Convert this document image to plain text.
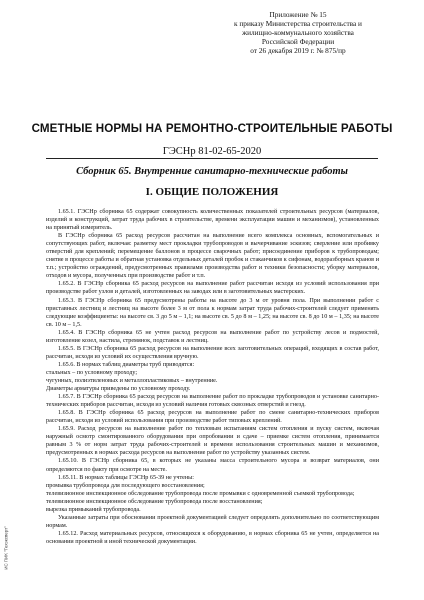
Приложение № 15
к приказу Министерства строительства и
жилищно-коммунального хозяйства
Российской Федерации
от 26 декабря 2019 г. № 875/пр
СМЕТНЫЕ НОРМЫ НА РЕМОНТНО-СТРОИТЕЛЬНЫЕ РАБОТЫ
ГЭСНр 81-02-65-2020
Сборник 65. Внутренние санитарно-технические работы
I. ОБЩИЕ ПОЛОЖЕНИЯ

1.65.1. ГЭСНр сборника 65 содержат совокупность количественных показателей строительных ресурсов (материалов, изделий и конструкций, затрат труда рабочих в строительстве, времени эксплуатации машин и механизмов), установленных на принятый измеритель.

В ГЭСНр сборника 65 расход ресурсов рассчитан на выполнение всего комплекса основных, вспомогательных и сопутствующих работ, включая: разметку мест прокладки трубопроводов и вычерчивание эскизов; сверление или пробивку отверстий для креплений; перемещение баллонов в процессе сварочных работ; присоединение приборов к трубопроводам; снятие в процессе работы и обратная установка отдельных деталей пробок и стаканчиков к сифонам, водоразборных кранов и т.п.; устройство ограждений, предусмотренных правилами производства работ и техники безопасности; уборку материалов, отходов и мусора, полученных при производстве работ и т.п.

1.65.2. В ГЭСНр сборника 65 расход ресурсов на выполнение работ рассчитан исходя из условий использования при производстве работ узлов и деталей, изготовленных на заводах или в заготовительных мастерских.

1.65.3. В ГЭСНр сборника 65 предусмотрены работы на высоте до 3 м от уровня пола. При выполнении работ с приставных лестниц и лестниц на высоте более 3 м от пола к нормам затрат труда рабочих-строителей следует применять следующие коэффициенты: на высоте св. 3 до 5 м – 1,1; на высоте св. 5 до 8 м – 1,25; на высоте св. 8 до 10 м – 1,35; на высоте св. 10 м – 1,5.

1.65.4. В ГЭСНр сборника 65 не учтен расход ресурсов на выполнение работ по устройству лесов и подмостей, изготовление козел, настила, стремянок, подставок и лестниц.

1.65.5. В ГЭСНр сборника 65 расход ресурсов на выполнение всех заготовительных операций, входящих в состав работ, рассчитан, исходя из условий их осуществления вручную.

1.65.6. В нормах таблиц диаметры труб приводятся:

стальных – по условному проходу;

чугунных, полиэтиленовых и металлопластиковых – внутренние.

Диаметры арматуры приведены по условному проходу.

1.65.7. В ГЭСНр сборника 65 расход ресурсов на выполнение работ по прокладке трубопроводов и установке санитарно-технических приборов рассчитан, исходя из условий наличия готовых сквозных отверстий и гнезд.

1.65.8. В ГЭСНр сборника 65 расход ресурсов на выполнение работ по смене санитарно-технических приборов рассчитан, исходя из условий использования при производстве работ типовых креплений.

1.65.9. Расход ресурсов на выполнение работ по тепловым испытаниям систем отопления и пуску систем, включая наружный осмотр смонтированного оборудования при опробовании и сдаче – приемке систем отопления, принимается равным 3 % от норм затрат труда рабочих-строителей и времени использования строительных машин и механизмов, предусмотренных в нормах расхода ресурсов на выполнение работ по устройству указанных систем.

1.65.10. В ГЭСНр сборника 65, в которых не указаны масса строительного мусора и возврат материалов, они определяются по факту при осмотре на месте.

1.65.11. В нормах таблицы ГЭСНр 65-39 не учтены:

промывка трубопровода для последующего восстановления;

телевизионное инспекционное обследование трубопровода после промывки с одновременной съемкой трубопровода;

телевизионное инспекционное обследование трубопровода после восстановления;

вырезка примыканий трубопровода.

Указанные затраты при обосновании проектной документацией следует определять дополнительно по соответствующим нормам.

1.65.12. Расход материальных ресурсов, относящихся к оборудованию, в нормах сборника 65 не учтен, определяется на основании проектной и иной технической документации.

ИС ПИК "Техэксперт"
